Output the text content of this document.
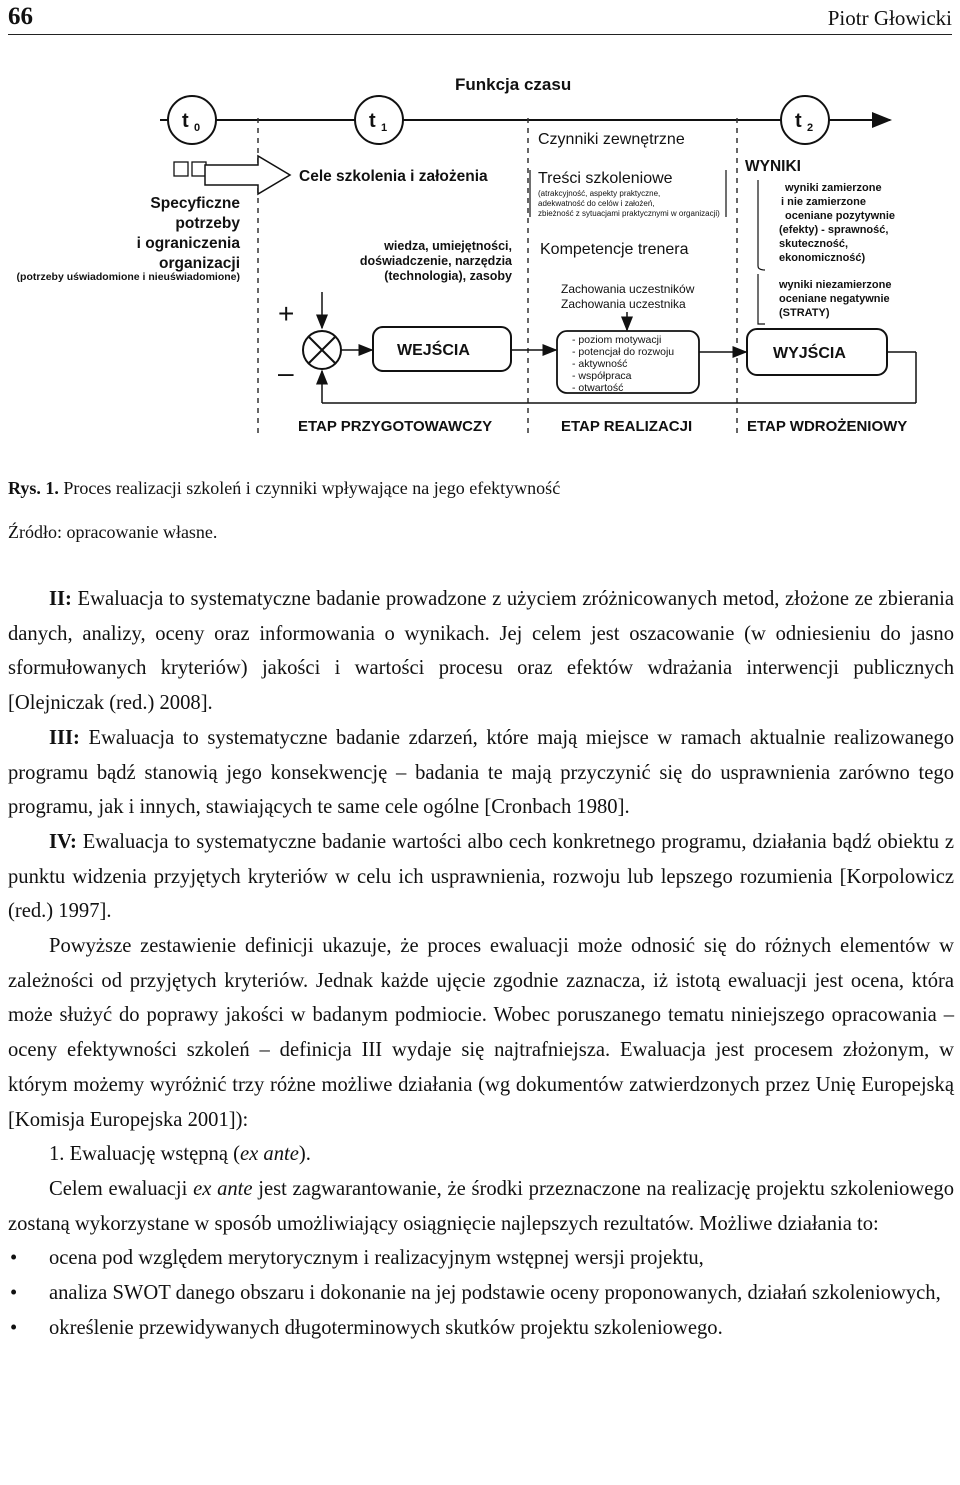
66	Piotr Głowicki
Funkcja czasu
t 0	t 1	t 2
Specyficzne
potrzeby
i ograniczenia
organizacji
(potrzeby uświadomione i nieuświadomione)
Cele szkolenia i założenia
wiedza, umiejętności,
doświadczenie, narzędzia
(technologia), zasoby
Czynniki zewnętrzne
Treści szkoleniowe
(atrakcyjność, aspekty praktyczne,
adekwatność do celów i założeń,
zbieżność z sytuacjami praktycznymi w organizacji)
Kompetencje trenera
Zachowania uczestników
Zachowania uczestnika
WYNIKI
wyniki zamierzone
i nie zamierzone
oceniane pozytywnie
(efekty) - sprawność,
skuteczność,
ekonomiczność)
wyniki niezamierzone
oceniane negatywnie
(STRATY)
+
–
WEJŚCIA
- poziom motywacji
- potencjał do rozwoju
- aktywność
- współpraca
- otwartość
WYJŚCIA
ETAP PRZYGOTOWAWCZY	ETAP REALIZACJI	ETAP WDROŻENIOWY
Rys. 1. Proces realizacji szkoleń i czynniki wpływające na jego efektywność
Źródło: opracowanie własne.

II: Ewaluacja to systematyczne badanie prowadzone z użyciem zróżnicowanych metod, złożone ze zbierania danych, analizy, oceny oraz informowania o wynikach. Jej celem jest oszacowanie (w odniesieniu do jasno sformułowanych kryteriów) jakości i wartości procesu oraz efektów wdrażania interwencji publicznych [Olejniczak (red.) 2008].

III: Ewaluacja to systematyczne badanie zdarzeń, które mają miejsce w ramach aktualnie realizowanego programu bądź stanowią jego konsekwencję – badania te mają przyczynić się do usprawnienia zarówno tego programu, jak i innych, stawiających te same cele ogólne [Cronbach 1980].

IV: Ewaluacja to systematyczne badanie wartości albo cech konkretnego programu, działania bądź obiektu z punktu widzenia przyjętych kryteriów w celu ich usprawnienia, rozwoju lub lepszego rozumienia [Korpolowicz (red.) 1997].

Powyższe zestawienie definicji ukazuje, że proces ewaluacji może odnosić się do różnych elementów w zależności od przyjętych kryteriów. Jednak każde ujęcie zgodnie zaznacza, iż istotą ewaluacji jest ocena, która może służyć do poprawy jakości w badanym podmiocie. Wobec poruszanego tematu niniejszego opracowania – oceny efektywności szkoleń – definicja III wydaje się najtrafniejsza. Ewaluacja jest procesem złożonym, w którym możemy wyróżnić trzy różne możliwe działania (wg dokumentów zatwierdzonych przez Unię Europejską [Komisja Europejska 2001]):

1. Ewaluację wstępną (ex ante).

Celem ewaluacji ex ante jest zagwarantowanie, że środki przeznaczone na realizację projektu szkoleniowego zostaną wykorzystane w sposób umożliwiający osiągnięcie najlepszych rezultatów. Możliwe działania to:

• ocena pod względem merytorycznym i realizacyjnym wstępnej wersji projektu,
• analiza SWOT danego obszaru i dokonanie na jej podstawie oceny proponowanych, działań szkoleniowych,
• określenie przewidywanych długoterminowych skutków projektu szkoleniowego.
